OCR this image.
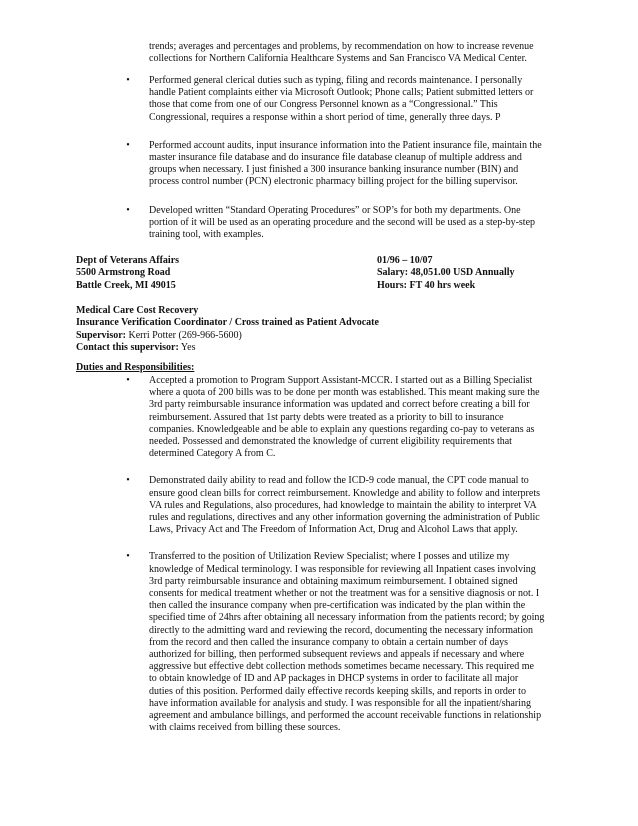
trends; averages and percentages and problems, by recommendation on how to increase revenue

collections for Northern California Healthcare Systems and San Francisco VA Medical Center.

•	Performed general clerical duties such as typing, filing and records maintenance. I personally

handle Patient complaints either via Microsoft Outlook; Phone calls; Patient submitted letters or

those that come from one of our Congress Personnel known as a “Congressional.” This

Congressional, requires a response within a short period of time, generally three days. P

•	Performed account audits, input insurance information into the Patient insurance file, maintain the

master insurance file database and do insurance file database cleanup of multiple address and

groups when necessary. I just finished a 300 insurance banking insurance number (BIN) and

process control number (PCN) electronic pharmacy billing project for the billing supervisor.

•	Developed written “Standard Operating Procedures” or SOP’s for both my departments. One

portion of it will be used as an operating procedure and the second will be used as a step-by-step

training tool, with examples.

Dept of Veterans Affairs	01/96 – 10/07
5500 Armstrong Road	Salary: 48,051.00 USD Annually
Battle Creek, MI 49015	Hours: FT 40 hrs week

Medical Care Cost Recovery

Insurance Verification Coordinator / Cross trained as Patient Advocate

Supervisor: Kerri Potter (269-966-5600)

Contact this supervisor: Yes

Duties and Responsibilities:
•	Accepted a promotion to Program Support Assistant-MCCR. I started out as a Billing Specialist

where a quota of 200 bills was to be done per month was established. This meant making sure the

3rd party reimbursable insurance information was updated and correct before creating a bill for

reimbursement. Assured that 1st party debts were treated as a priority to bill to insurance

companies. Knowledgeable and be able to explain any questions regarding co-pay to veterans as

needed. Possessed and demonstrated the knowledge of current eligibility requirements that

determined Category A from C.

•	Demonstrated daily ability to read and follow the ICD-9 code manual, the CPT code manual to

ensure good clean bills for correct reimbursement. Knowledge and ability to follow and interprets

VA rules and Regulations, also procedures, had knowledge to maintain the ability to interpret VA

rules and regulations, directives and any other information governing the administration of Public

Laws, Privacy Act and The Freedom of Information Act, Drug and Alcohol Laws that apply.

•	Transferred to the position of Utilization Review Specialist; where I posses and utilize my

knowledge of Medical terminology. I was responsible for reviewing all Inpatient cases involving

3rd party reimbursable insurance and obtaining maximum reimbursement. I obtained signed

consents for medical treatment whether or not the treatment was for a sensitive diagnosis or not. I

then called the insurance company when pre-certification was indicated by the plan within the

specified time of 24hrs after obtaining all necessary information from the patients record; by going

directly to the admitting ward and reviewing the record, documenting the necessary information

from the record and then called the insurance company to obtain a certain number of days

authorized for billing, then performed subsequent reviews and appeals if necessary and where

aggressive but effective debt collection methods sometimes became necessary. This required me

to obtain knowledge of ID and AP packages in DHCP systems in order to facilitate all major

duties of this position. Performed daily effective records keeping skills, and reports in order to

have information available for analysis and study. I was responsible for all the inpatient/sharing

agreement and ambulance billings, and performed the account receivable functions in relationship

with claims received from billing these sources.
